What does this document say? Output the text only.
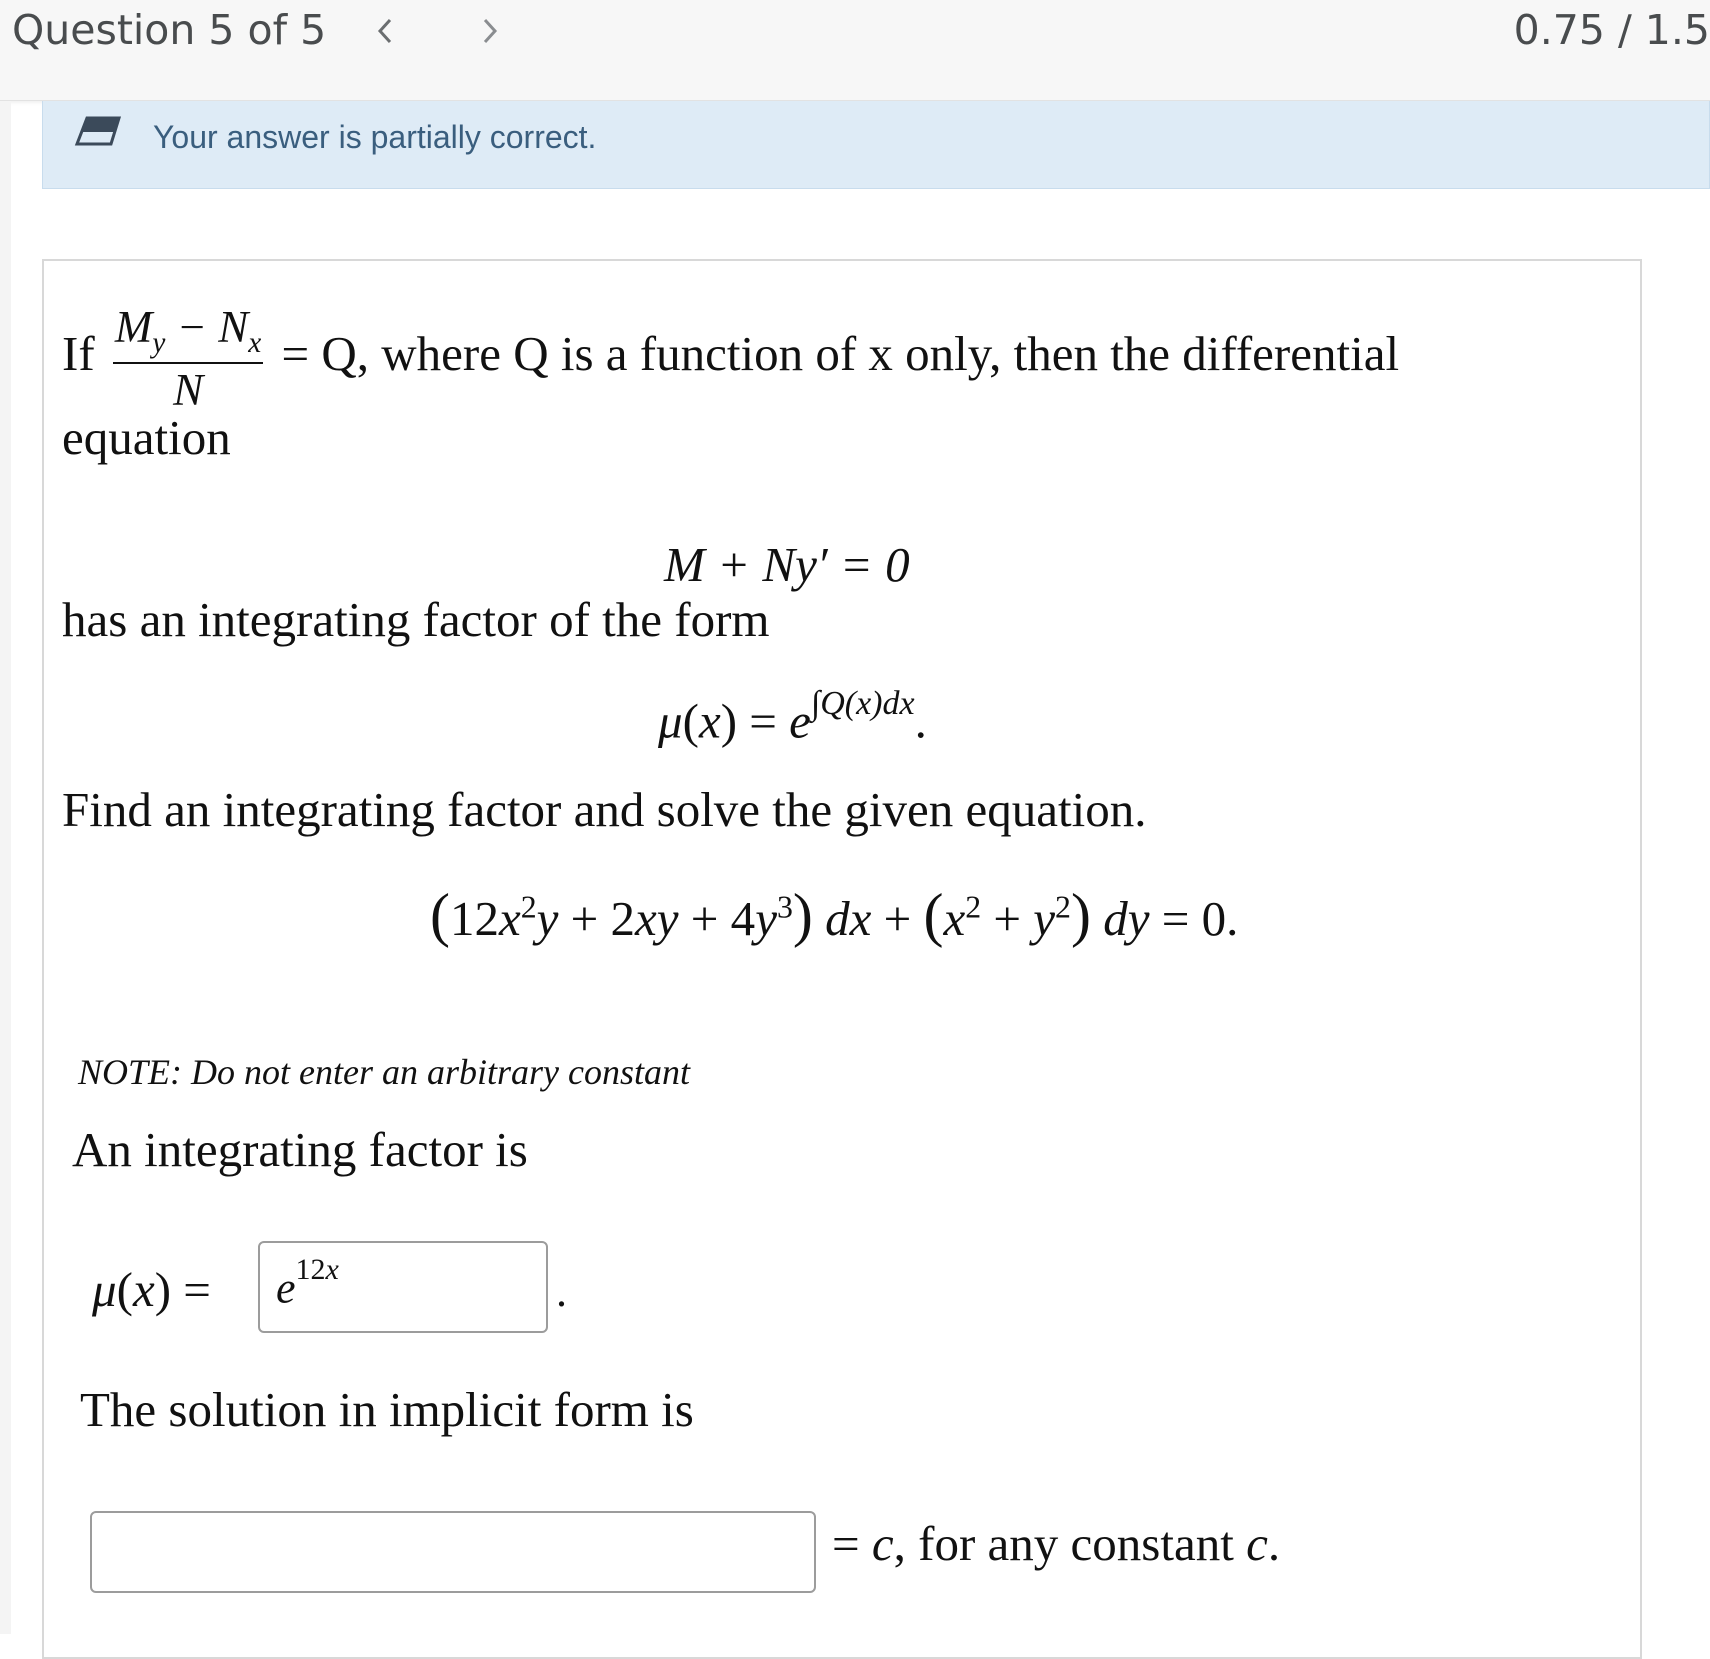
Question 5 of 5	0.75 / 1.5
Your answer is partially correct.
If $\frac{M_y - N_x}{N} = Q$, where Q is a function of x only, then the differential
equation
M + Ny′ = 0
has an integrating factor of the form
$\mu(x) = e^{\int Q(x)dx}$.
Find an integrating factor and solve the given equation.
$(12x^2y + 2xy + 4y^3)$ dx + $(x^2 + y^2)$ dy = 0.
NOTE: Do not enter an arbitrary constant
An integrating factor is
$\mu(x) = e^{12x}$	.
The solution in implicit form is
= c, for any constant c.
